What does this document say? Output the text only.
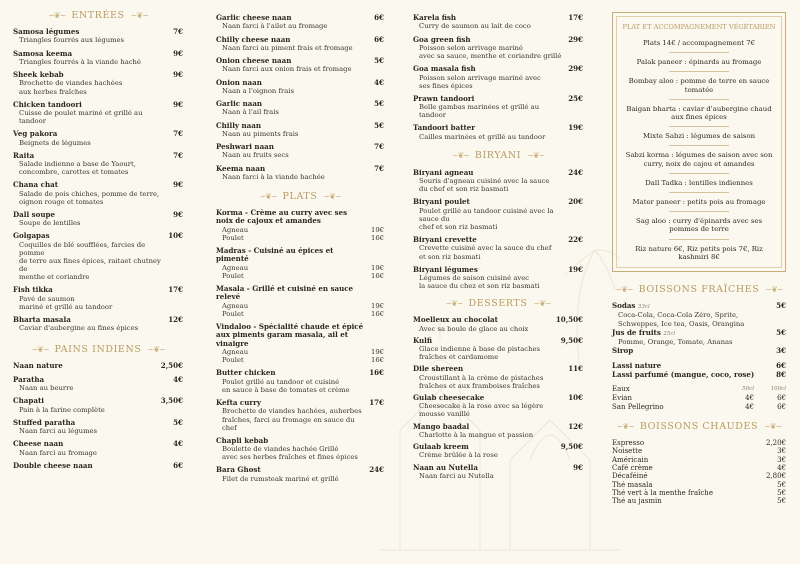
∽❦∼ ENTRÉES ∼❦∽
Samosa légumes	7€
Triangles fourrés aux légumes
Samosa keema	9€
Triangles fourrés à la viande haché
Sheek kebab	9€
Brochette de viandes hachées
aux herbes fraîches
Chicken tandoori	9€
Cuisse de poulet mariné et grillé au tandoor
Veg pakora	7€
Beignets de légumes
Raita	7€
Salade indienne a base de Yaourt,
concombre, carottes et tomates
Chana chat	9€
Salade de pois chiches, pomme de terre,
oignon rouge et tomates
Dall soupe	9€
Soupe de lentilles
Golgapas	10€
Coquilles de blé soufflées, farcies de pomme
de terre aux fines épices, raitaet chutney de
menthe et coriandre
Fish tikka	17€
Pavé de saumon
mariné et grillé au tandoor
Bharta masala	12€
Caviar d'aubergine au fines épices
∽❦∼ PAINS INDIENS ∼❦∽
Naan nature	2,50€
Paratha	4€
Naan au beurre
Chapati	3,50€
Pain à la farine complète
Stuffed paratha	5€
Naan farci au légumes
Cheese naan	4€
Naan farci au fromage
Double cheese naan	6€
Garlic cheese naan	6€
Naan farci à l'ailet au fromage
Chilly cheese naan	6€
Naan farci au piment frais et fromage
Onion cheese naan	5€
Naan farci aux onion frais et fromage
Onion naan	4€
Naan a l'oignon frais
Garlic naan	5€
Naan à l'ail frais
Chilly naan	5€
Naan au piments frais
Peshwari naan	7€
Naan au fruits secs
Keema naan	7€
Naan farci à la viande hachée
∽❦∼ PLATS ∼❦∽
Korma - Crème au curry avec ses noix de cajoux et amandes
Agneau	19€
Poulet	16€
Madras - Cuisiné au épices et pimenté
Agneau	19€
Poulet	16€
Masala - Grillé et cuisiné en sauce relevé
Agneau	19€
Poulet	16€
Vindaloo - Spécialité chaude et épicé aux piments garam masala, ail et vinaigre
Agneau	19€
Poulet	16€
Butter chicken	16€
Poulet grillé au tandoor et cuisiné
en sauce à base de tomates et crème
Kefta curry	17€
Brochette de viandes hachées, auherbes
fraîches, farci au fromage en sauce du chef
Chapli kebab
Boulette de viandes hachée Grillé
avec ses herbes fraîches et fines épices
Bara Ghost	24€
Filet de rumsteak mariné et grillé
Karela fish	17€
Curry de saumon au lait de coco
Goa green fish	29€
Poisson selon arrivage mariné
avec sa sauce, menthe et coriandre grillé
Goa masala fish	29€
Poisson selon arrivage mariné avec
ses fines épices
Prawn tandoori	25€
Belle gambas marinées et grillé au tandoor
Tandoori batter	19€
Cailles marinées et grillé au tandoor
∽❦∼ BIRYANI ∼❦∽
Biryani agneau	24€
Souris d'agneau cuisiné avec la sauce
du chef et son riz basmati
Biryani poulet	20€
Poulet grillé au tandoor cuisiné avec la sauce du
chef et son riz basmati
Biryani crevette	22€
Crevette cuisiné avec la sauce du chef
et son riz basmati
Biryani légumes	19€
Légumes de saison cuisiné avec
la sauce du chez et son riz basmati
∽❦∼ DESSERTS ∼❦∽
Moelleux au chocolat	10,50€
Avec sa boule de glace au choix
Kulfi	9,50€
Glace indienne à base de pistaches
fraîches et cardamome
Dile shereen	11€
Croustillant à la crème de pistaches
fraîches et aux framboises fraîches
Gulab cheesecake	10€
Cheesecake à la rose avec sa légère mousse vanillé
Mango baadal	12€
Charlotte à la mangue et passion
Gulaab kreem	9,50€
Crème brûlée à la rose
Naan au Nutella	9€
Naan farci au Nutella
PLAT ET ACCOMPAGNEMENT VÉGÉTARIEN
Plats 14€ / accompagnement 7€
Palak paneer : épinards au fromage
Bombay aloo : pomme de terre en sauce tomatée
Baigan bharta : caviar d'aubergine chaud aux fines épices
Mixte Sabzi : légumes de saison
Sabzi korma : légumes de saison avec son curry, noix de cajou et amandes
Dall Tadka : lentilles indiennes
Mater paneer : petits pois au fromage
Sag aloo : curry d'épinards avec ses pommes de terre
Riz nature 6€, Riz petits pois 7€, Riz kashmiri 8€
∽❦∼ BOISSONS FRAÎCHES ∼❦∽
Sodas 33cl	5€
Coca-Cola, Coca-Cola Zéro, Sprite,
Schweppes, Ice tea, Oasis, Orangina
Jus de fruits 25cl	5€
Pomme, Orange, Tomate, Ananas
Sirop	3€
Lassi nature	6€
Lassi parfumé (mangue, coco, rose)	8€
Eaux	50cl	100cl
Evian	4€	6€
San Pellegrino	4€	6€
∽❦∼ BOISSONS CHAUDES ∼❦∽
Espresso	2,20€
Noisette	3€
Américain	3€
Café crème	4€
Décaféiné	2,80€
Thé masala	5€
Thé vert à la menthe fraîche	5€
Thé au jasmin	5€
